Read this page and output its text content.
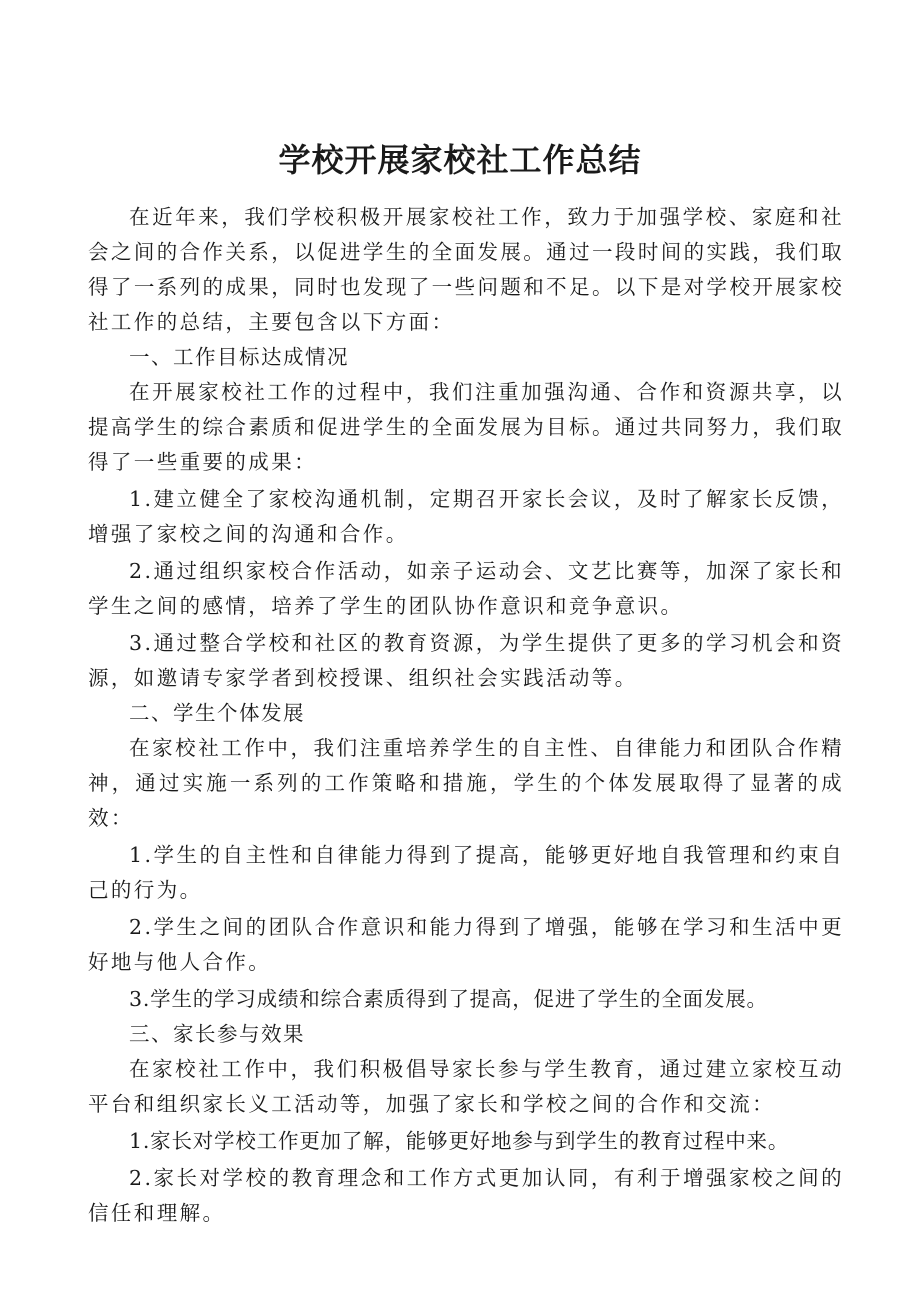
学校开展家校社工作总结

在近年来，我们学校积极开展家校社工作，致力于加强学校、家庭和社会之间的合作关系，以促进学生的全面发展。通过一段时间的实践，我们取得了一系列的成果，同时也发现了一些问题和不足。以下是对学校开展家校社工作的总结，主要包含以下方面：

一、工作目标达成情况

在开展家校社工作的过程中，我们注重加强沟通、合作和资源共享，以提高学生的综合素质和促进学生的全面发展为目标。通过共同努力，我们取得了一些重要的成果：

1.建立健全了家校沟通机制，定期召开家长会议，及时了解家长反馈，增强了家校之间的沟通和合作。

2.通过组织家校合作活动，如亲子运动会、文艺比赛等，加深了家长和学生之间的感情，培养了学生的团队协作意识和竞争意识。

3.通过整合学校和社区的教育资源，为学生提供了更多的学习机会和资源，如邀请专家学者到校授课、组织社会实践活动等。

二、学生个体发展

在家校社工作中，我们注重培养学生的自主性、自律能力和团队合作精神，通过实施一系列的工作策略和措施，学生的个体发展取得了显著的成效：

1.学生的自主性和自律能力得到了提高，能够更好地自我管理和约束自己的行为。

2.学生之间的团队合作意识和能力得到了增强，能够在学习和生活中更好地与他人合作。

3.学生的学习成绩和综合素质得到了提高，促进了学生的全面发展。

三、家长参与效果

在家校社工作中，我们积极倡导家长参与学生教育，通过建立家校互动平台和组织家长义工活动等，加强了家长和学校之间的合作和交流：

1.家长对学校工作更加了解，能够更好地参与到学生的教育过程中来。

2.家长对学校的教育理念和工作方式更加认同，有利于增强家校之间的信任和理解。
